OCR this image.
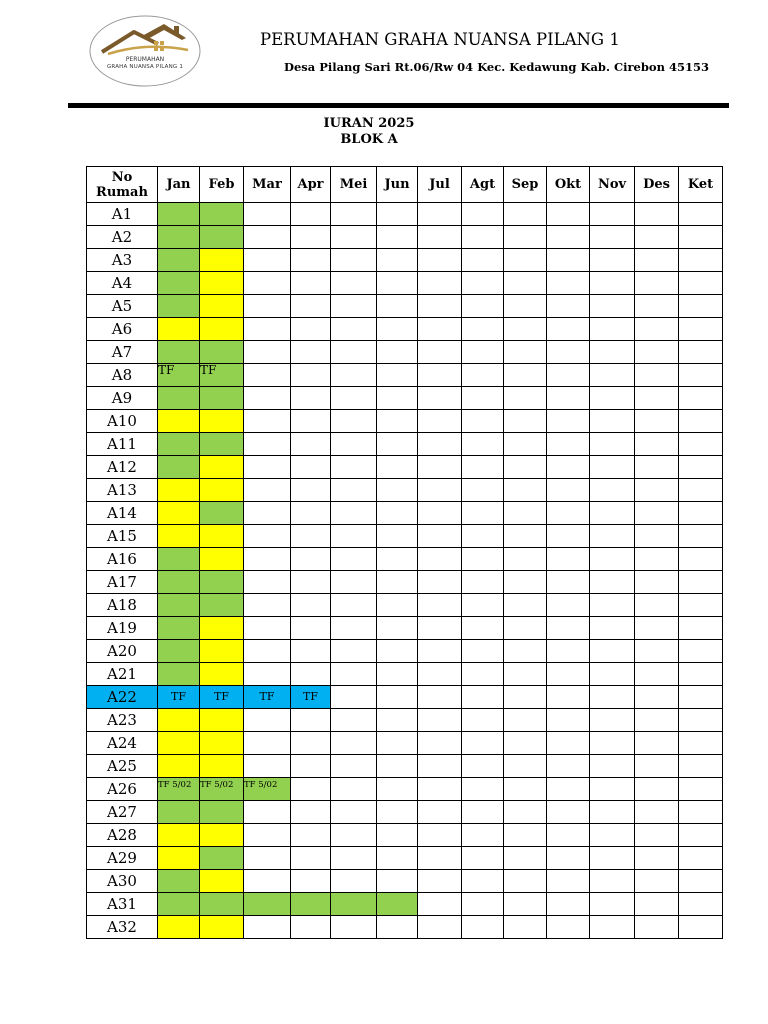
PERUMAHAN
GRAHA NUANSA PILANG 1
PERUMAHAN GRAHA NUANSA PILANG 1
Desa Pilang Sari Rt.06/Rw 04 Kec. Kedawung Kab. Cirebon 45153
IURAN 2025
BLOK A
No Rumah	Jan	Feb	Mar	Apr	Mei	Jun	Jul	Agt	Sep	Okt	Nov	Des	Ket
A1													
A2													
A3													
A4													
A5													
A6													
A7													
A8	TF	TF											
A9													
A10													
A11													
A12													
A13													
A14													
A15													
A16													
A17													
A18													
A19													
A20													
A21													
A22	TF	TF	TF	TF									
A23													
A24													
A25													
A26	TF 5/02	TF 5/02	TF 5/02										
A27													
A28													
A29													
A30													
A31													
A32													
